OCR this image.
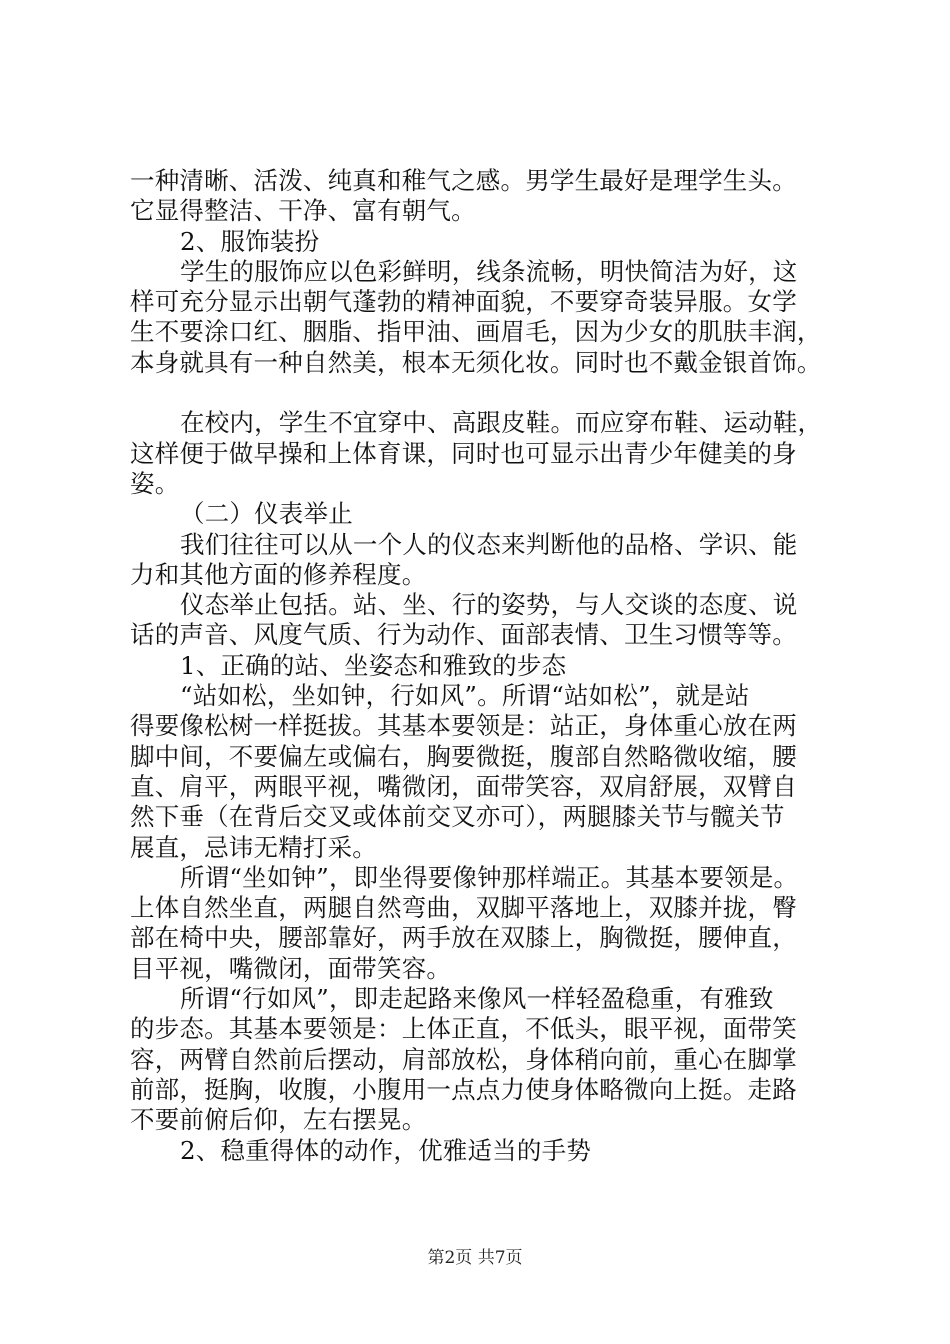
一种清晰、活泼、纯真和稚气之感。男学生最好是理学生头。
它显得整洁、干净、富有朝气。
2、服饰装扮
学生的服饰应以色彩鲜明，线条流畅，明快简洁为好，这
样可充分显示出朝气蓬勃的精神面貌，不要穿奇装异服。女学
生不要涂口红、胭脂、指甲油、画眉毛，因为少女的肌肤丰润，
本身就具有一种自然美，根本无须化妆。同时也不戴金银首饰。
在校内，学生不宜穿中、高跟皮鞋。而应穿布鞋、运动鞋，
这样便于做早操和上体育课，同时也可显示出青少年健美的身
姿。
（二）仪表举止
我们往往可以从一个人的仪态来判断他的品格、学识、能
力和其他方面的修养程度。
仪态举止包括。站、坐、行的姿势，与人交谈的态度、说
话的声音、风度气质、行为动作、面部表情、卫生习惯等等。
1、正确的站、坐姿态和雅致的步态
“站如松，坐如钟，行如风”。所谓“站如松”，就是站
得要像松树一样挺拔。其基本要领是：站正，身体重心放在两
脚中间，不要偏左或偏右，胸要微挺，腹部自然略微收缩，腰
直、肩平，两眼平视，嘴微闭，面带笑容，双肩舒展，双臂自
然下垂（在背后交叉或体前交叉亦可），两腿膝关节与髋关节
展直，忌讳无精打采。
所谓“坐如钟”，即坐得要像钟那样端正。其基本要领是。
上体自然坐直，两腿自然弯曲，双脚平落地上，双膝并拢，臀
部在椅中央，腰部靠好，两手放在双膝上，胸微挺，腰伸直，
目平视，嘴微闭，面带笑容。
所谓“行如风”，即走起路来像风一样轻盈稳重，有雅致
的步态。其基本要领是：上体正直，不低头，眼平视，面带笑
容，两臂自然前后摆动，肩部放松，身体稍向前，重心在脚掌
前部，挺胸，收腹，小腹用一点点力使身体略微向上挺。走路
不要前俯后仰，左右摆晃。
2、稳重得体的动作，优雅适当的手势
第2页 共7页
